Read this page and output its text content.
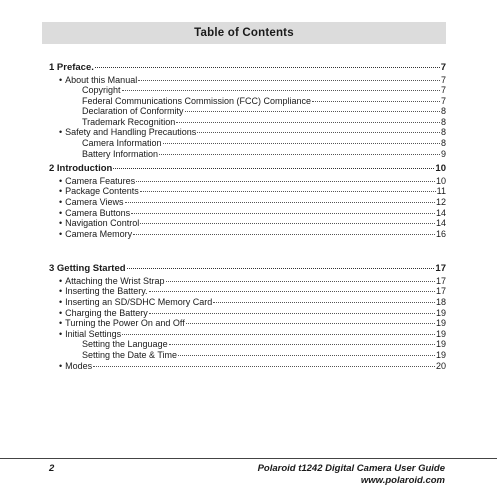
Table of Contents
1 Preface.	7
• About this Manual	7
Copyright	7
Federal Communications Commission (FCC) Compliance	7
Declaration of Conformity	8
Trademark Recognition	8
• Safety and Handling Precautions	8
Camera Information	8
Battery Information	9
2 Introduction	10
• Camera Features	10
• Package Contents	11
• Camera Views	12
• Camera Buttons	14
• Navigation Control	14
• Camera Memory	16
3 Getting Started	17
• Attaching the Wrist Strap	17
• Inserting the Battery.	17
• Inserting an SD/SDHC Memory Card	18
• Charging the Battery	19
• Turning the Power On and Off	19
• Initial Settings	19
Setting the Language	19
Setting the Date & Time	19
• Modes	20
2	Polaroid t1242 Digital Camera User Guide
www.polaroid.com
